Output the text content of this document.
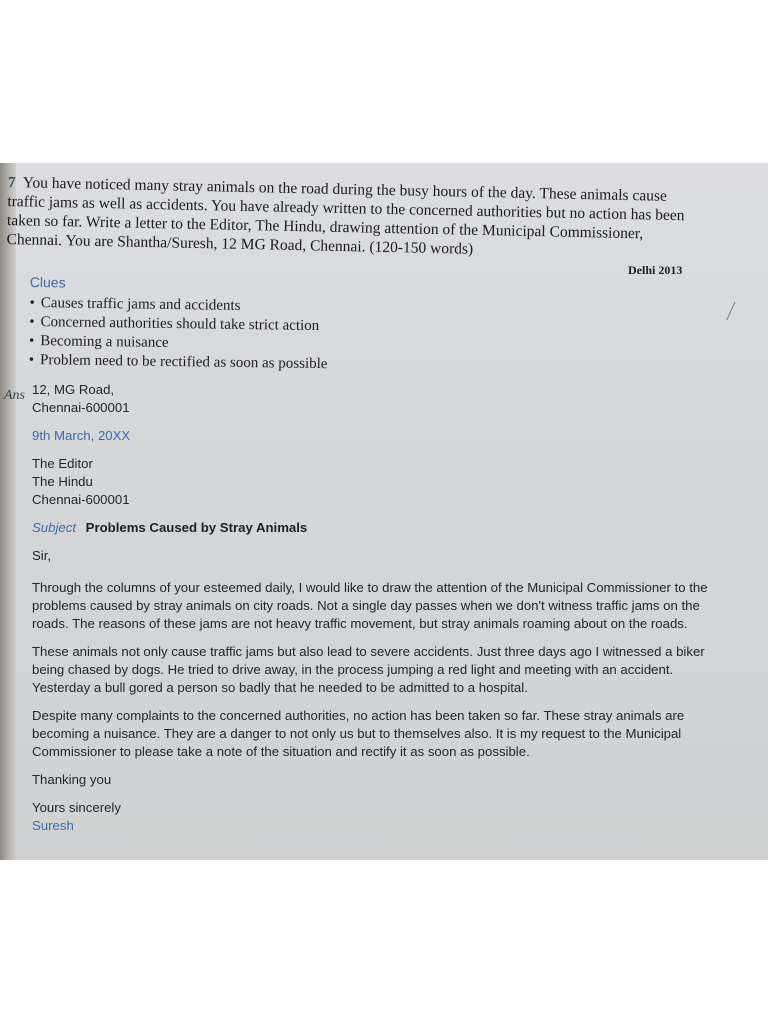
7 You have noticed many stray animals on the road during the busy hours of the day. These animals cause traffic jams as well as accidents. You have already written to the concerned authorities but no action has been taken so far. Write a letter to the Editor, The Hindu, drawing attention of the Municipal Commissioner, Chennai. You are Shantha/Suresh, 12 MG Road, Chennai. (120-150 words)
Delhi 2013
Clues
• Causes traffic jams and accidents
• Concerned authorities should take strict action
• Becoming a nuisance
• Problem need to be rectified as soon as possible
Ans 12, MG Road,

Chennai-600001

9th March, 20XX

The Editor

The Hindu

Chennai-600001

Subject Problems Caused by Stray Animals

Sir,

Through the columns of your esteemed daily, I would like to draw the attention of the Municipal Commissioner to the problems caused by stray animals on city roads. Not a single day passes when we don't witness traffic jams on the roads. The reasons of these jams are not heavy traffic movement, but stray animals roaming about on the roads.

These animals not only cause traffic jams but also lead to severe accidents. Just three days ago I witnessed a biker being chased by dogs. He tried to drive away, in the process jumping a red light and meeting with an accident. Yesterday a bull gored a person so badly that he needed to be admitted to a hospital.

Despite many complaints to the concerned authorities, no action has been taken so far. These stray animals are becoming a nuisance. They are a danger to not only us but to themselves also. It is my request to the Municipal Commissioner to please take a note of the situation and rectify it as soon as possible.

Thanking you

Yours sincerely

Suresh
